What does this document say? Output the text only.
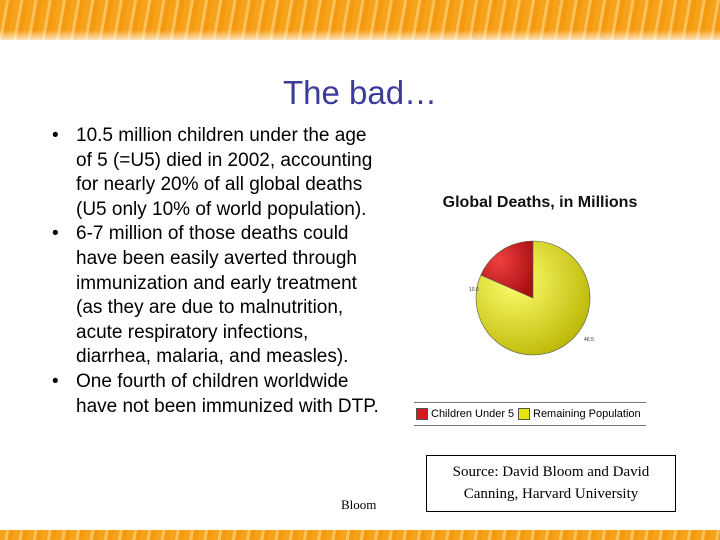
The bad…
• 10.5 million children under the age of 5 (=U5) died in 2002, accounting for nearly 20% of all global deaths (U5 only 10% of world population).
• 6-7 million of those deaths could have been easily averted through immunization and early treatment (as they are due to malnutrition, acute respiratory infections, diarrhea, malaria, and measles).
• One fourth of children worldwide have not been immunized with DTP.
Bloom
Global Deaths, in Millions
10.5
46.5
Children Under 5 Remaining Population
Source: David Bloom and David
Canning, Harvard University
